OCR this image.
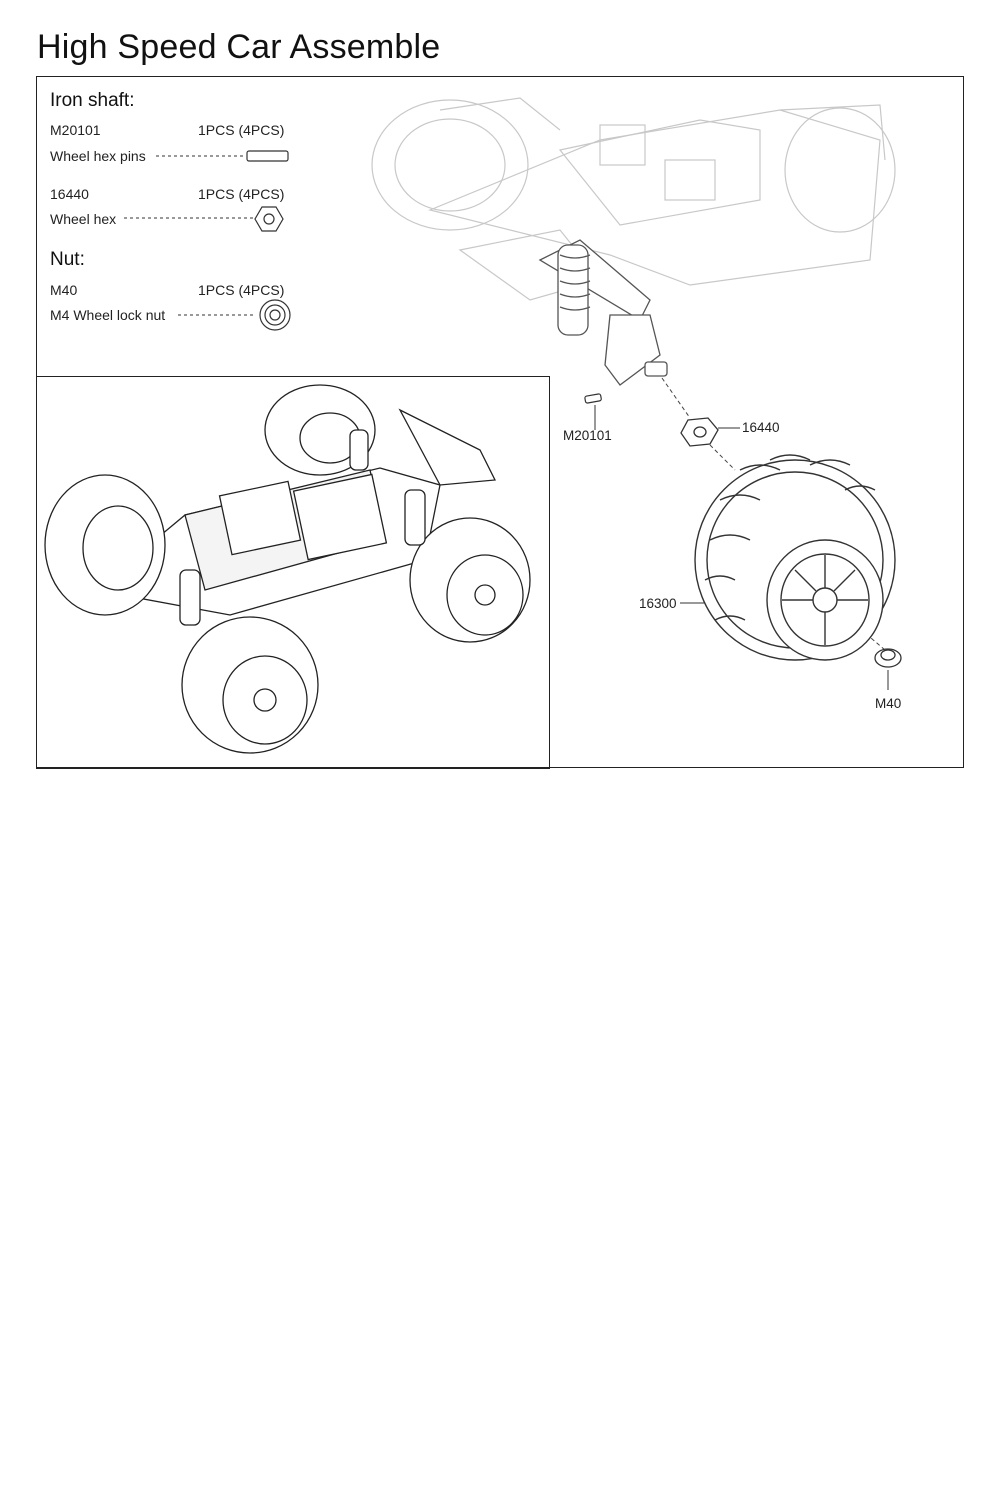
High Speed Car Assemble
Iron shaft:
M20101	1PCS (4PCS)
Wheel hex pins
16440	1PCS (4PCS)
Wheel hex
Nut:
M40	1PCS (4PCS)
M4 Wheel lock nut
M20101
16440
16300
M40
